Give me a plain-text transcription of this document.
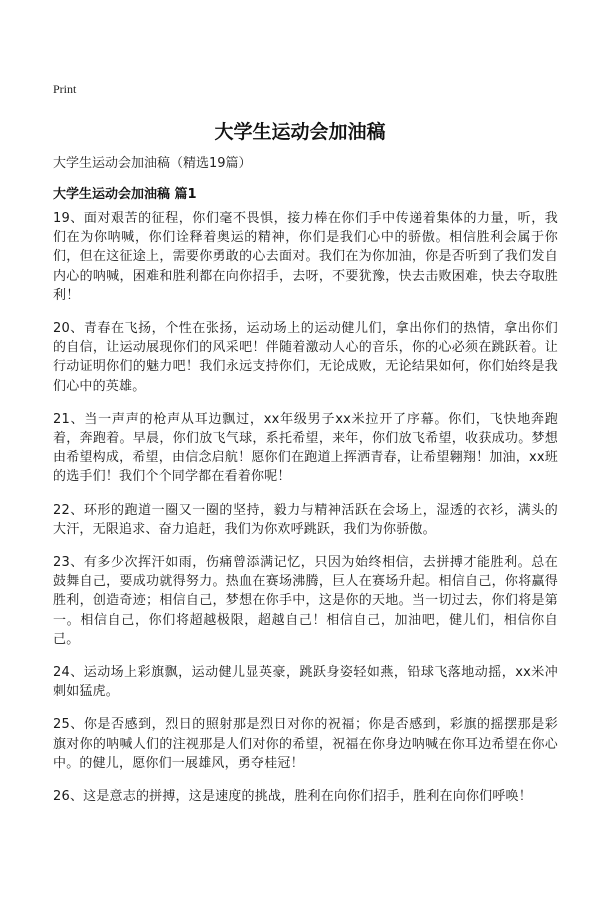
Print
大学生运动会加油稿
大学生运动会加油稿（精选19篇）
大学生运动会加油稿 篇1

19、面对艰苦的征程，你们毫不畏惧，接力棒在你们手中传递着集体的力量，听，我们在为你呐喊，你们诠释着奥运的精神，你们是我们心中的骄傲。相信胜利会属于你们，但在这征途上，需要你勇敢的心去面对。我们在为你加油，你是否听到了我们发自内心的呐喊，困难和胜利都在向你招手，去呀，不要犹豫，快去击败困难，快去夺取胜利！

20、青春在飞扬，个性在张扬，运动场上的运动健儿们，拿出你们的热情，拿出你们的自信，让运动展现你们的风采吧！伴随着激动人心的音乐，你的心必须在跳跃着。让行动证明你们的魅力吧！我们永远支持你们，无论成败，无论结果如何，你们始终是我们心中的英雄。

21、当一声声的枪声从耳边飘过，xx年级男子xx米拉开了序幕。你们，飞快地奔跑着，奔跑着。早晨，你们放飞气球，系托希望，来年，你们放飞希望，收获成功。梦想由希望构成，希望，由信念启航！愿你们在跑道上挥洒青春，让希望翱翔！加油，xx班的选手们！我们个个同学都在看着你呢！

22、环形的跑道一圈又一圈的坚持，毅力与精神活跃在会场上，湿透的衣衫，满头的大汗，无限追求、奋力追赶，我们为你欢呼跳跃，我们为你骄傲。

23、有多少次挥汗如雨，伤痛曾添满记忆，只因为始终相信，去拼搏才能胜利。总在鼓舞自己，要成功就得努力。热血在赛场沸腾，巨人在赛场升起。相信自己，你将赢得胜利，创造奇迹；相信自己，梦想在你手中，这是你的天地。当一切过去，你们将是第一。相信自己，你们将超越极限，超越自己！相信自己，加油吧，健儿们，相信你自己。

24、运动场上彩旗飘，运动健儿显英豪，跳跃身姿轻如燕，铅球飞落地动摇，xx米冲刺如猛虎。

25、你是否感到，烈日的照射那是烈日对你的祝福；你是否感到，彩旗的摇摆那是彩旗对你的呐喊人们的注视那是人们对你的希望，祝福在你身边呐喊在你耳边希望在你心中。的健儿，愿你们一展雄风，勇夺桂冠！

26、这是意志的拼搏，这是速度的挑战，胜利在向你们招手，胜利在向你们呼唤！
